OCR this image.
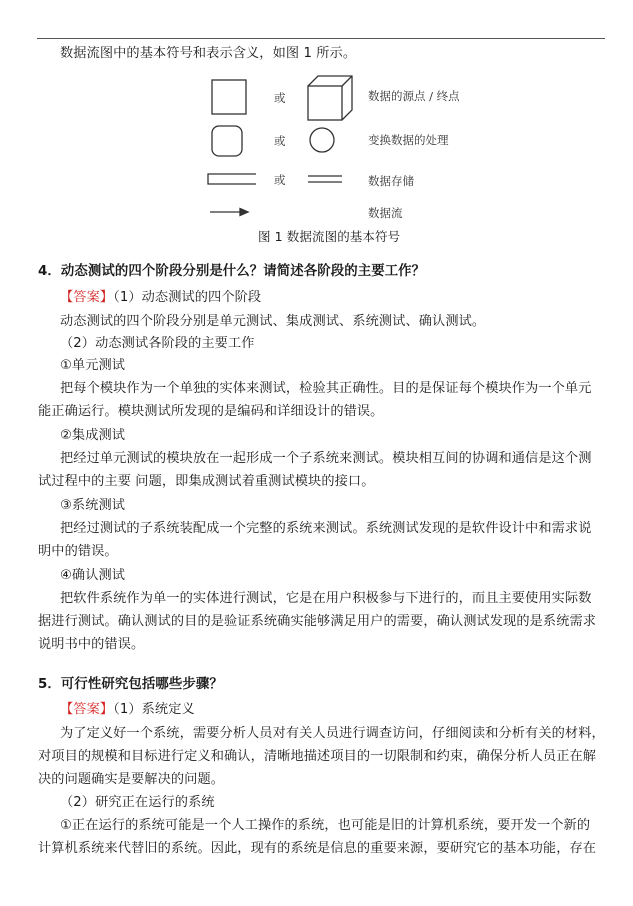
数据流图中的基本符号和表示含义，如图 1 所示。
或
或
或
数据的源点 / 终点
变换数据的处理
数据存储
数据流
图 1 数据流图的基本符号
4．动态测试的四个阶段分别是什么？请简述各阶段的主要工作？
【答案】（1）动态测试的四个阶段
动态测试的四个阶段分别是单元测试、集成测试、系统测试、确认测试。
（2）动态测试各阶段的主要工作
①单元测试
把每个模块作为一个单独的实体来测试，检验其正确性。目的是保证每个模块作为一个单元
能正确运行。模块测试所发现的是编码和详细设计的错误。
②集成测试
把经过单元测试的模块放在一起形成一个子系统来测试。模块相互间的协调和通信是这个测
试过程中的主要 问题，即集成测试着重测试模块的接口。
③系统测试
把经过测试的子系统装配成一个完整的系统来测试。系统测试发现的是软件设计中和需求说
明中的错误。
④确认测试
把软件系统作为单一的实体进行测试，它是在用户积极参与下进行的，而且主要使用实际数
据进行测试。确认测试的目的是验证系统确实能够满足用户的需要，确认测试发现的是系统需求
说明书中的错误。
5．可行性研究包括哪些步骤？
【答案】（1）系统定义
为了定义好一个系统，需要分析人员对有关人员进行调查访问，仔细阅读和分析有关的材料，
对项目的规模和目标进行定义和确认，清晰地描述项目的一切限制和约束，确保分析人员正在解
决的问题确实是要解决的问题。
（2）研究正在运行的系统
①正在运行的系统可能是一个人工操作的系统，也可能是旧的计算机系统，要开发一个新的
计算机系统来代替旧的系统。因此，现有的系统是信息的重要来源，要研究它的基本功能，存在
